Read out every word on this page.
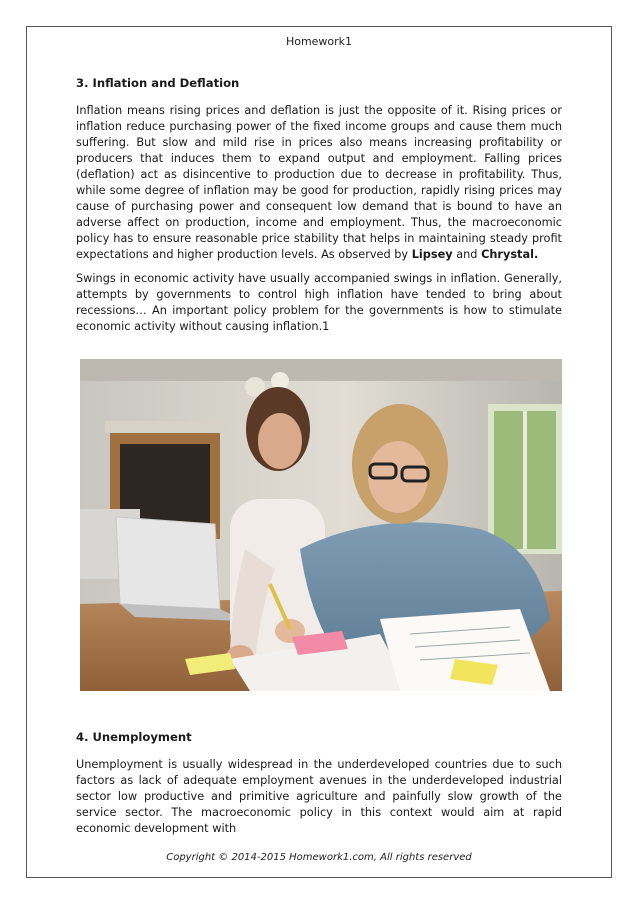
Homework1
3. Inflation and Deflation

Inflation means rising prices and deflation is just the opposite of it. Rising prices or inflation reduce purchasing power of the fixed income groups and cause them much suffering. But slow and mild rise in prices also means increasing profitability or producers that induces them to expand output and employment. Falling prices (deflation) act as disincentive to production due to decrease in profitability. Thus, while some degree of inflation may be good for production, rapidly rising prices may cause of purchasing power and consequent low demand that is bound to have an adverse affect on production, income and employment. Thus, the macroeconomic policy has to ensure reasonable price stability that helps in maintaining steady profit expectations and higher production levels. As observed by Lipsey and Chrystal.

Swings in economic activity have usually accompanied swings in inflation. Generally, attempts by governments to control high inflation have tended to bring about recessions… An important policy problem for the governments is how to stimulate economic activity without causing inflation.1

4. Unemployment

Unemployment is usually widespread in the underdeveloped countries due to such factors as lack of adequate employment avenues in the underdeveloped industrial sector low productive and primitive agriculture and painfully slow growth of the service sector. The macroeconomic policy in this context would aim at rapid economic development with

Copyright © 2014-2015 Homework1.com, All rights reserved
